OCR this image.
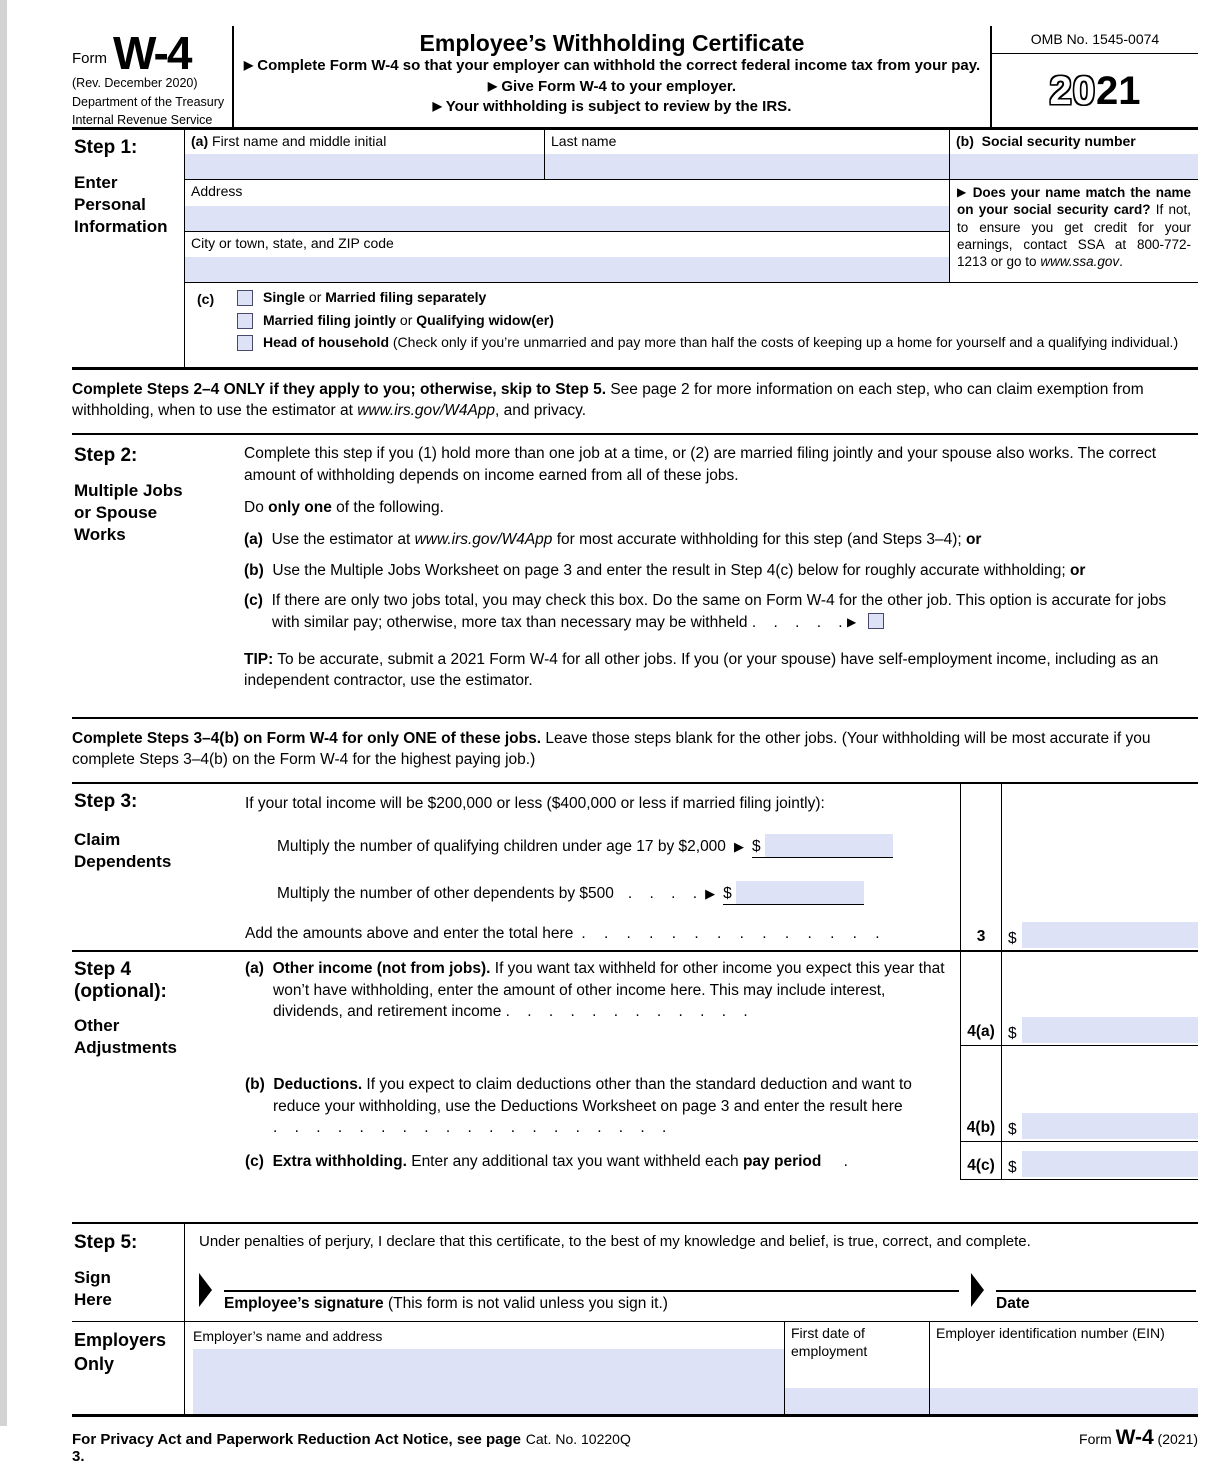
Form W-4
(Rev. December 2020)
Department of the Treasury
Internal Revenue Service
Employee’s Withholding Certificate
▶ Complete Form W-4 so that your employer can withhold the correct federal income tax from your pay.
▶ Give Form W-4 to your employer.
▶ Your withholding is subject to review by the IRS.
OMB No. 1545-0074
20 21
Step 1:
Enter
Personal
Information
(a) First name and middle initial	Last name	(b) Social security number
Address
City or town, state, and ZIP code
▶ Does your name match the name on your social security card? If not, to ensure you get credit for your earnings, contact SSA at 800-772-1213 or go to www.ssa.gov.
(c)	Single or Married filing separately
Married filing jointly or Qualifying widow(er)
Head of household (Check only if you’re unmarried and pay more than half the costs of keeping up a home for yourself and a qualifying individual.)
Complete Steps 2–4 ONLY if they apply to you; otherwise, skip to Step 5. See page 2 for more information on each step, who can claim exemption from withholding, when to use the estimator at www.irs.gov/W4App, and privacy.
Step 2:
Multiple Jobs
or Spouse
Works

Complete this step if you (1) hold more than one job at a time, or (2) are married filing jointly and your spouse also works. The correct amount of withholding depends on income earned from all of these jobs.

Do only one of the following.

(a) Use the estimator at www.irs.gov/W4App for most accurate withholding for this step (and Steps 3–4); or
(b) Use the Multiple Jobs Worksheet on page 3 and enter the result in Step 4(c) below for roughly accurate withholding; or
(c) If there are only two jobs total, you may check this box. Do the same on Form W-4 for the other job. This option is accurate for jobs with similar pay; otherwise, more tax than necessary may be withheld . . . . . ▶

TIP: To be accurate, submit a 2021 Form W-4 for all other jobs. If you (or your spouse) have self-employment income, including as an independent contractor, use the estimator.

Complete Steps 3–4(b) on Form W-4 for only ONE of these jobs. Leave those steps blank for the other jobs. (Your withholding will be most accurate if you complete Steps 3–4(b) on the Form W-4 for the highest paying job.)
Step 3:	If your total income will be $200,000 or less ($400,000 or less if married filing jointly):
Claim
Dependents
Multiply the number of qualifying children under age 17 by $2,000 ▶ $
Multiply the number of other dependents by $500 . . . . ▶ $
Add the amounts above and enter the total here . . . . . . . . . . . . . .	3	$
Step 4
(optional):
Other
Adjustments
(a) Other income (not from jobs). If you want tax withheld for other income you expect this year that won’t have withholding, enter the amount of other income here. This may include interest, dividends, and retirement income . . . . . . . . . . . .
4(a) $
(b) Deductions. If you expect to claim deductions other than the standard deduction and want to reduce your withholding, use the Deductions Worksheet on page 3 and enter the result here . . . . . . . . . . . . . . . . . . .	4(b) $
(c) Extra withholding. Enter any additional tax you want withheld each pay period .	4(c) $
Step 5:
Sign
Here
Under penalties of perjury, I declare that this certificate, to the best of my knowledge and belief, is true, correct, and complete.
Employee’s signature (This form is not valid unless you sign it.)	Date
Employers
Only
Employer’s name and address	First date of employment
Employer identification number (EIN)
For Privacy Act and Paperwork Reduction Act Notice, see page 3.
Cat. No. 10220Q	Form W-4 (2021)
